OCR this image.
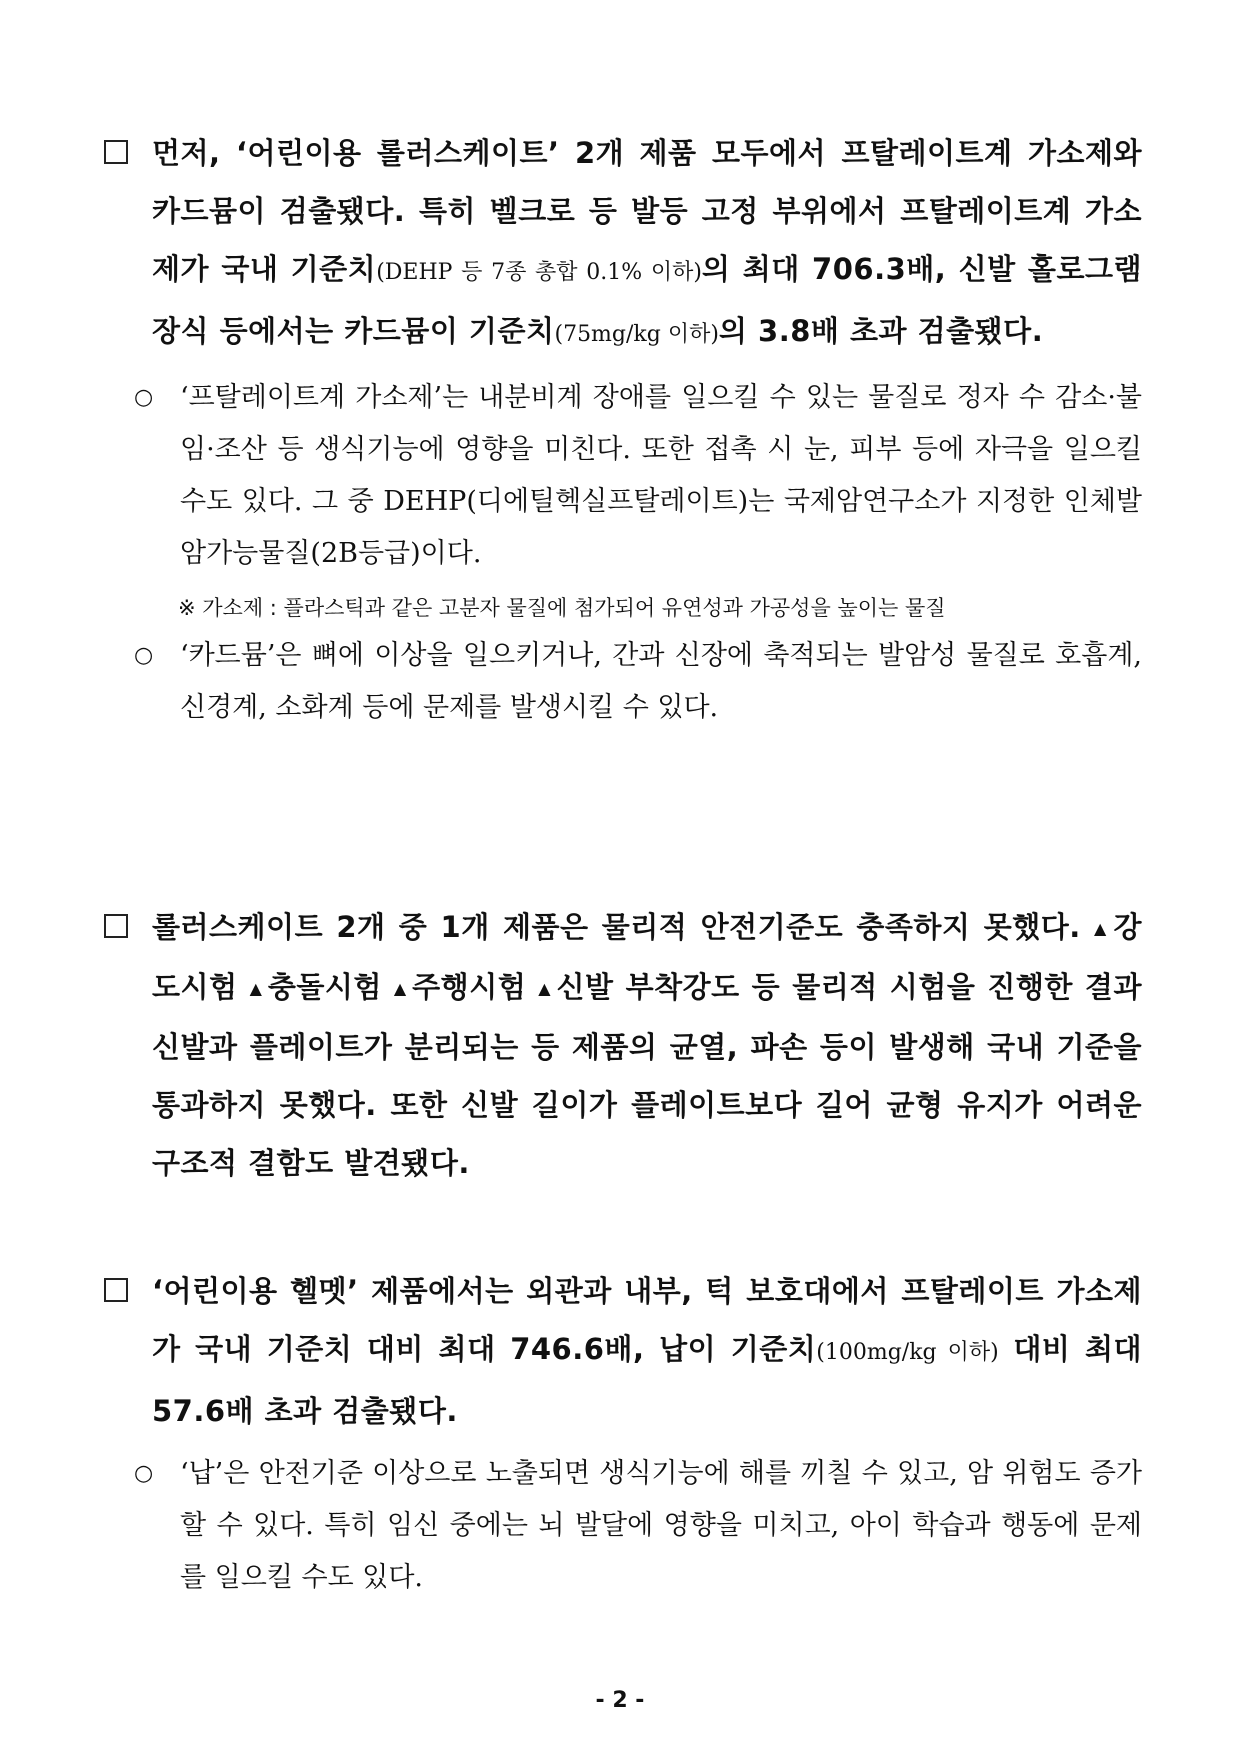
먼저, ‘어린이용 롤러스케이트’ 2개 제품 모두에서 프탈레이트계 가소제와 카드뮴이 검출됐다. 특히 벨크로 등 발등 고정 부위에서 프탈레이트계 가소제가 국내 기준치(DEHP 등 7종 총합 0.1% 이하)의 최대 706.3배, 신발 홀로그램 장식 등에서는 카드뮴이 기준치(75mg/kg 이하)의 3.8배 초과 검출됐다.
○ ‘프탈레이트계 가소제’는 내분비계 장애를 일으킬 수 있는 물질로 정자 수 감소·불임·조산 등 생식기능에 영향을 미친다. 또한 접촉 시 눈, 피부 등에 자극을 일으킬 수도 있다. 그 중 DEHP(디에틸헥실프탈레이트)는 국제암연구소가 지정한 인체발암가능물질(2B등급)이다.
※ 가소제 : 플라스틱과 같은 고분자 물질에 첨가되어 유연성과 가공성을 높이는 물질
○ ‘카드뮴’은 뼈에 이상을 일으키거나, 간과 신장에 축적되는 발암성 물질로 호흡계, 신경계, 소화계 등에 문제를 발생시킬 수 있다.
롤러스케이트 2개 중 1개 제품은 물리적 안전기준도 충족하지 못했다. ▲ 강도시험 ▲ 충돌시험 ▲ 주행시험 ▲ 신발 부착강도 등 물리적 시험을 진행한 결과 신발과 플레이트가 분리되는 등 제품의 균열, 파손 등이 발생해 국내 기준을 통과하지 못했다. 또한 신발 길이가 플레이트보다 길어 균형 유지가 어려운 구조적 결함도 발견됐다.
‘어린이용 헬멧’ 제품에서는 외관과 내부, 턱 보호대에서 프탈레이트 가소제가 국내 기준치 대비 최대 746.6배, 납이 기준치(100mg/kg 이하) 대비 최대 57.6배 초과 검출됐다.
○ ‘납’은 안전기준 이상으로 노출되면 생식기능에 해를 끼칠 수 있고, 암 위험도 증가할 수 있다. 특히 임신 중에는 뇌 발달에 영향을 미치고, 아이 학습과 행동에 문제를 일으킬 수도 있다.
- 2 -
